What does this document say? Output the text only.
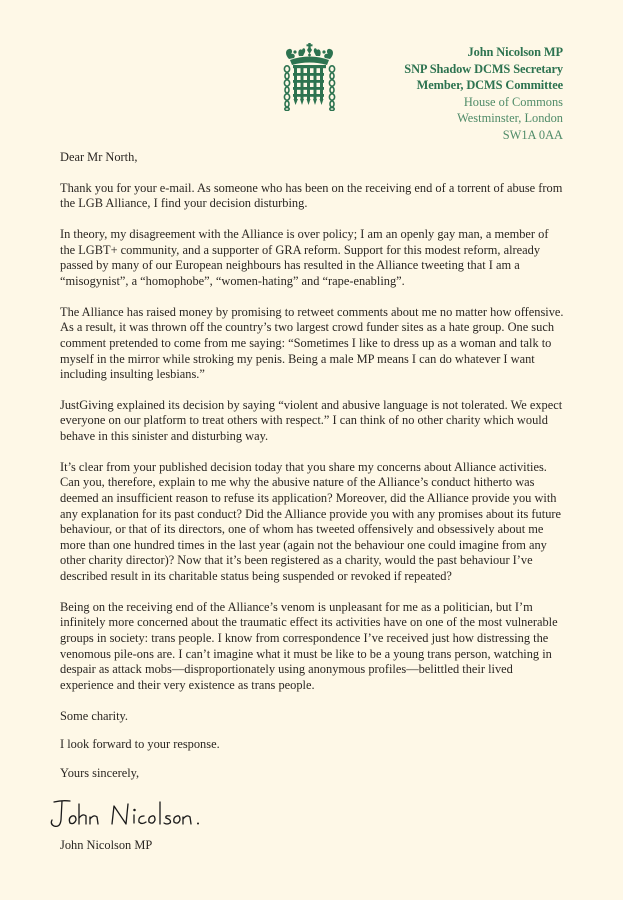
John Nicolson MP
SNP Shadow DCMS Secretary
Member, DCMS Committee
House of Commons
Westminster, London
SW1A 0AA

Dear Mr North,

Thank you for your e-mail. As someone who has been on the receiving end of a torrent of abuse from the LGB Alliance, I find your decision disturbing.

In theory, my disagreement with the Alliance is over policy; I am an openly gay man, a member of the LGBT+ community, and a supporter of GRA reform. Support for this modest reform, already passed by many of our European neighbours has resulted in the Alliance tweeting that I am a “misogynist”, a “homophobe”, “women-hating” and “rape-enabling”.

The Alliance has raised money by promising to retweet comments about me no matter how offensive. As a result, it was thrown off the country’s two largest crowd funder sites as a hate group. One such comment pretended to come from me saying: “Sometimes I like to dress up as a woman and talk to myself in the mirror while stroking my penis. Being a male MP means I can do whatever I want including insulting lesbians.”

JustGiving explained its decision by saying “violent and abusive language is not tolerated. We expect everyone on our platform to treat others with respect.” I can think of no other charity which would behave in this sinister and disturbing way.

It’s clear from your published decision today that you share my concerns about Alliance activities. Can you, therefore, explain to me why the abusive nature of the Alliance’s conduct hitherto was deemed an insufficient reason to refuse its application? Moreover, did the Alliance provide you with any explanation for its past conduct? Did the Alliance provide you with any promises about its future behaviour, or that of its directors, one of whom has tweeted offensively and obsessively about me more than one hundred times in the last year (again not the behaviour one could imagine from any other charity director)? Now that it’s been registered as a charity, would the past behaviour I’ve described result in its charitable status being suspended or revoked if repeated?

Being on the receiving end of the Alliance’s venom is unpleasant for me as a politician, but I’m infinitely more concerned about the traumatic effect its activities have on one of the most vulnerable groups in society: trans people. I know from correspondence I’ve received just how distressing the venomous pile-ons are. I can’t imagine what it must be like to be a young trans person, watching in despair as attack mobs—disproportionately using anonymous profiles—belittled their lived experience and their very existence as trans people.

Some charity.

I look forward to your response.

Yours sincerely,

John Nicolson MP
